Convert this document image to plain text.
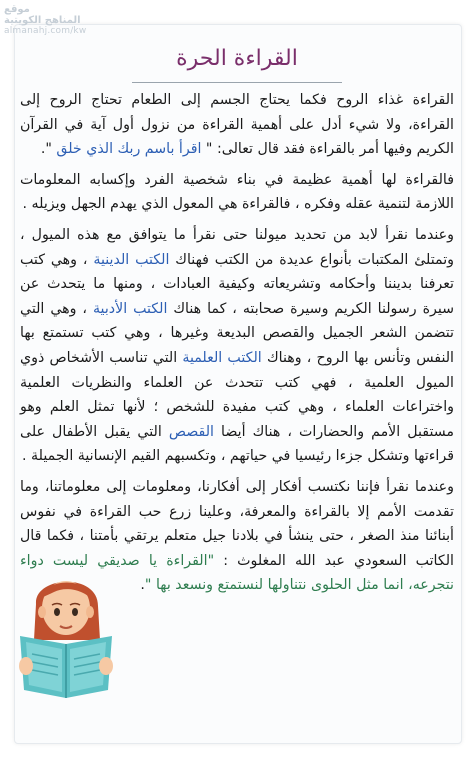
موقع
المناهج الكويتية
almanahj.com/kw
القراءة الحرة

القراءة غذاء الروح فكما يحتاج الجسم إلى الطعام تحتاج الروح إلى القراءة، ولا شيء أدل على أهمية القراءة من نزول أول آية في القرآن الكريم وفيها أمر بالقراءة فقد قال تعالى: " اقرأ باسم ربك الذي خلق ".

فالقراءة لها أهمية عظيمة في بناء شخصية الفرد وإكسابه المعلومات اللازمة لتنمية عقله وفكره ، فالقراءة هي المعول الذي يهدم الجهل ويزيله .

وعندما نقرأ لابد من تحديد ميولنا حتى نقرأ ما يتوافق مع هذه الميول ، وتمتلئ المكتبات بأنواع عديدة من الكتب فهناك الكتب الدينية ، وهي كتب تعرفنا بديننا وأحكامه وتشريعاته وكيفية العبادات ، ومنها ما يتحدث عن سيرة رسولنا الكريم وسيرة صحابته ، كما هناك الكتب الأدبية ، وهي التي تتضمن الشعر الجميل والقصص البديعة وغيرها ، وهي كتب تستمتع بها النفس وتأنس بها الروح ، وهناك الكتب العلمية التي تناسب الأشخاص ذوي الميول العلمية ، فهي كتب تتحدث عن العلماء والنظريات العلمية واختراعات العلماء ، وهي كتب مفيدة للشخص ؛ لأنها تمثل العلم وهو مستقبل الأمم والحضارات ، هناك أيضا القصص التي يقبل الأطفال على قراءتها وتشكل جزءا رئيسيا في حياتهم ، وتكسبهم القيم الإنسانية الجميلة .

وعندما نقرأ فإننا نكتسب أفكار إلى أفكارنا، ومعلومات إلى معلوماتنا، وما تقدمت الأمم إلا بالقراءة والمعرفة، وعلينا زرع حب القراءة في نفوس أبنائنا منذ الصغر ، حتى ينشأ في بلادنا جيل متعلم يرتقي بأمتنا ، فكما قال الكاتب السعودي عبد الله المغلوث : "القراءة يا صديقي ليست دواء نتجرعه، انما مثل الحلوى نتناولها لنستمتع ونسعد بها ".
